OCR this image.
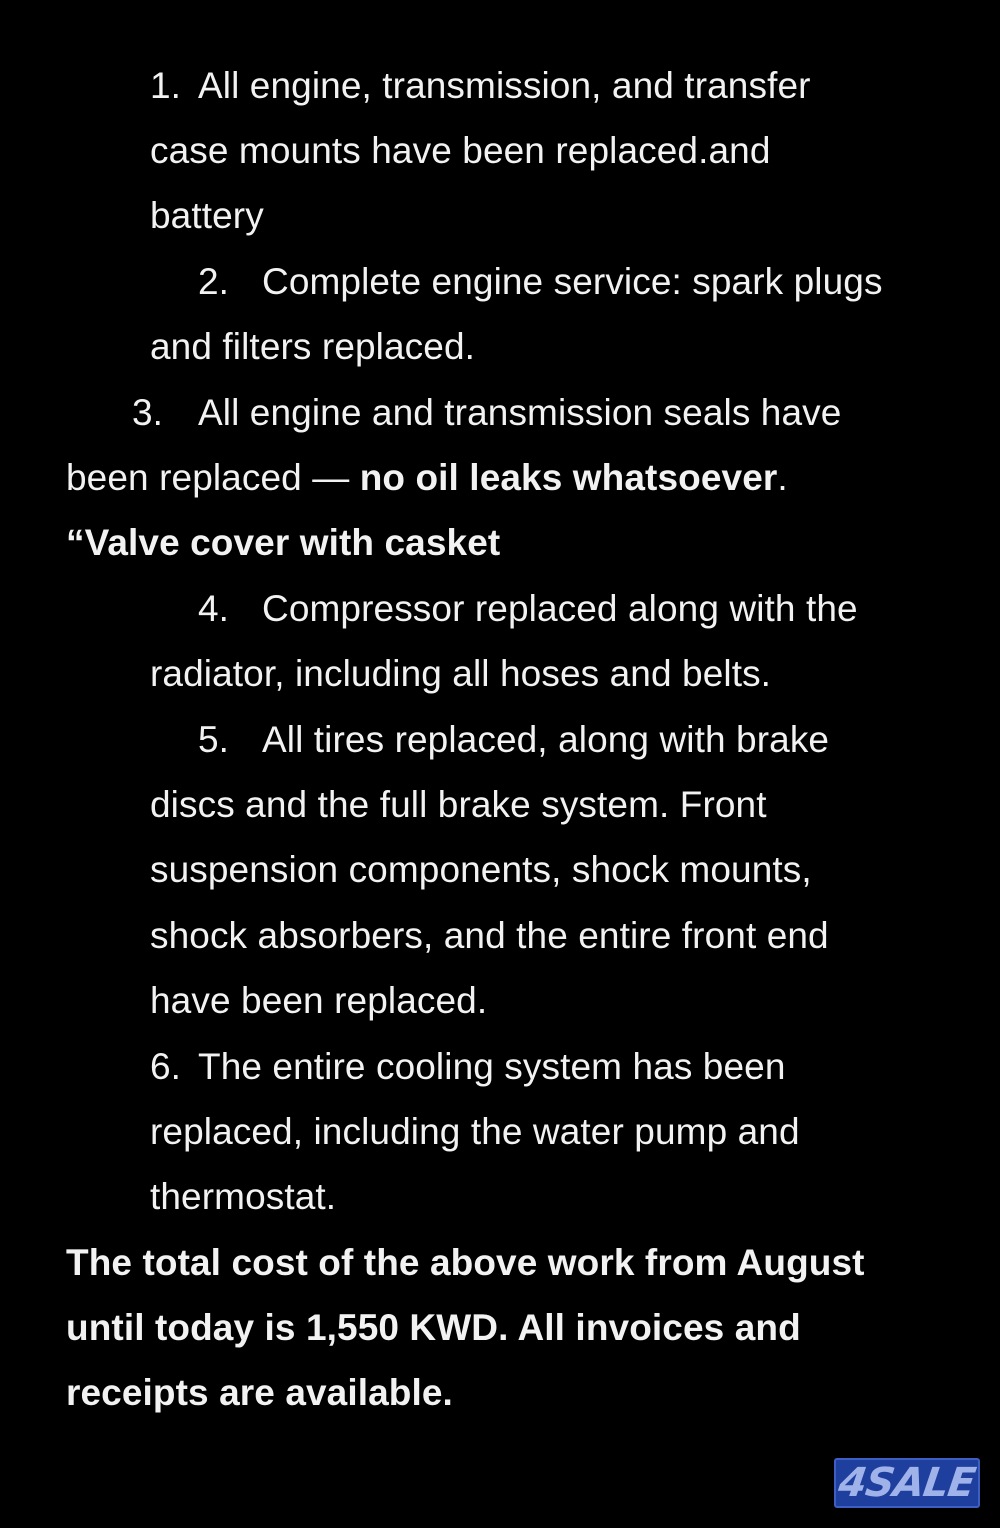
1. All engine, transmission, and transfer
case mounts have been replaced.and
battery
2. Complete engine service: spark plugs
and filters replaced.
3. All engine and transmission seals have
been replaced — no oil leaks whatsoever.
“Valve cover with casket
4. Compressor replaced along with the
radiator, including all hoses and belts.
5. All tires replaced, along with brake
discs and the full brake system. Front
suspension components, shock mounts,
shock absorbers, and the entire front end
have been replaced.
6. The entire cooling system has been
replaced, including the water pump and
thermostat.
The total cost of the above work from August
until today is 1,550 KWD. All invoices and
receipts are available.
4SALE
